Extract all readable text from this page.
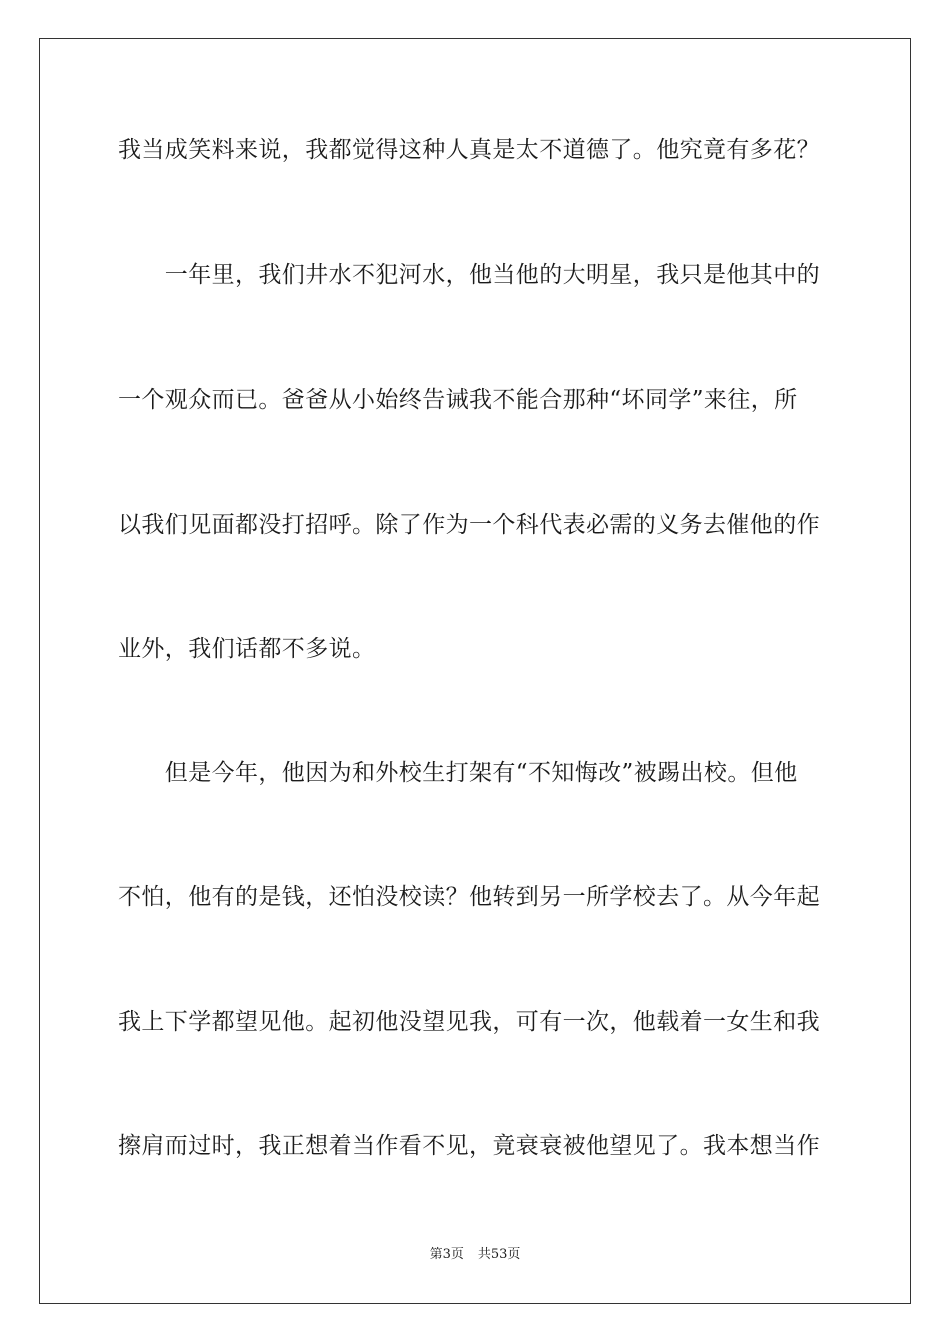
我当成笑料来说，我都觉得这种人真是太不道德了。他究竟有多花？
　　一年里，我们井水不犯河水，他当他的大明星，我只是他其中的
一个观众而已。爸爸从小始终告诫我不能合那种“坏同学”来往，所
以我们见面都没打招呼。除了作为一个科代表必需的义务去催他的作
业外，我们话都不多说。
　　但是今年，他因为和外校生打架有“不知悔改”被踢出校。但他
不怕，他有的是钱，还怕没校读？他转到另一所学校去了。从今年起
我上下学都望见他。起初他没望见我，可有一次，他载着一女生和我
擦肩而过时，我正想着当作看不见，竟衰衰被他望见了。我本想当作
第3页 共53页
